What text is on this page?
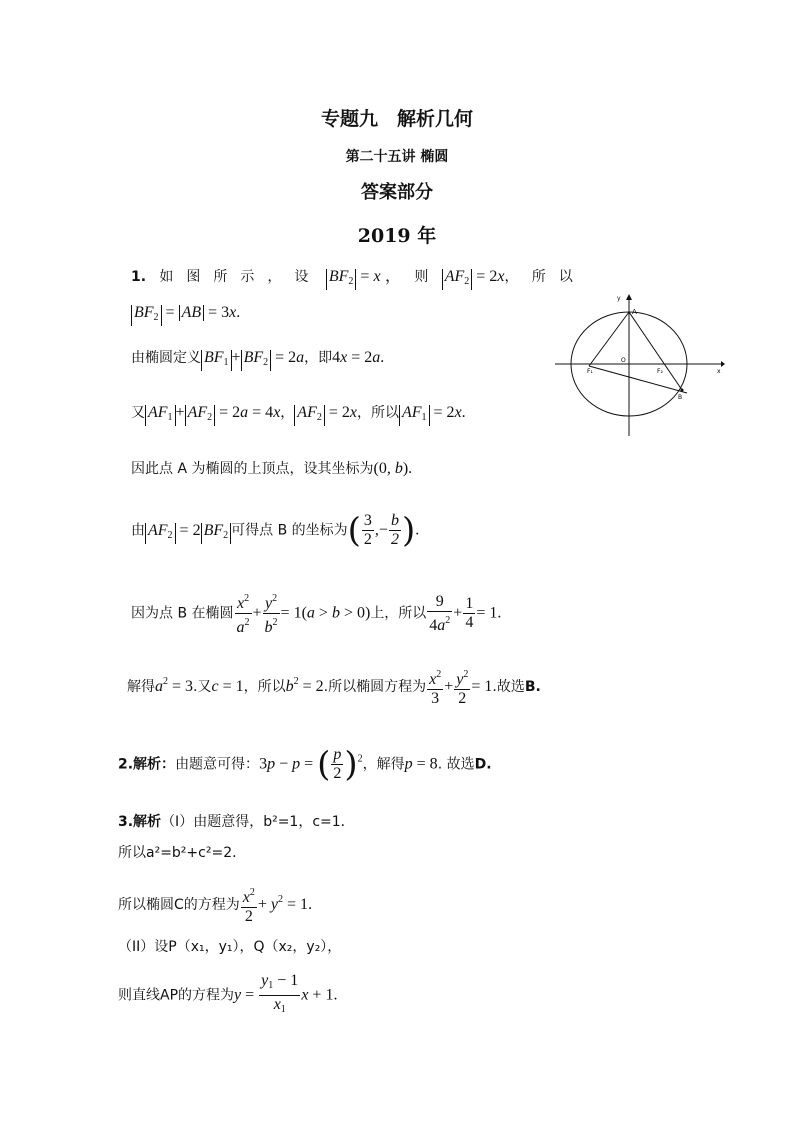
专题九　解析几何
第二十五讲 椭圆
答案部分
2019 年
1. 如图所示，设 $BF_2 = x$ ， 则 $AF_2 = 2x$，   所以
$BF_2$ = AB = 3x.
由椭圆定义 $BF_1 + BF_2 = 2a$，即4x = 2a.
又 $AF_1 + AF_2 = 2a = 4x$， $AF_2 = 2x$，所以 $AF_1 = 2x$.
因此点 A 为椭圆的上顶点，设其坐标为(0, b).
由 $AF_2 = 2$ $BF_2$ 可得点 B 的坐标为( $\frac{3}{2}$ ,− $\frac{b}{2}$ ).
因为点 B 在椭圆 $\frac{x^2}{a^2} + \frac{y^2}{b^2} = 1(a > b > 0)$上，所以 $\frac{9}{4a^2} + \frac{1}{4} = 1$.
解得$a^2 = 3$.又c = 1，所以$b^2 = 2$.所以椭圆方程为 $\frac{x^2}{3} + \frac{y^2}{2} = 1$.故选B.
y
A
O
F₁	F₂
B
x
2.解析：由题意可得：3p − p = ( $\frac{p}{2} )^2$，解得p = 8. 故选D.
3.解析（I）由题意得，b²=1，c=1．
所以a²=b²+c²=2．
所以椭圆C的方程为 $\frac{x^2}{2} + y^2 = 1$.
（II）设P（x₁，y₁），Q（x₂，y₂），
则直线AP的方程为$y = \frac{y_1 - 1}{x_1}$ x + 1.
